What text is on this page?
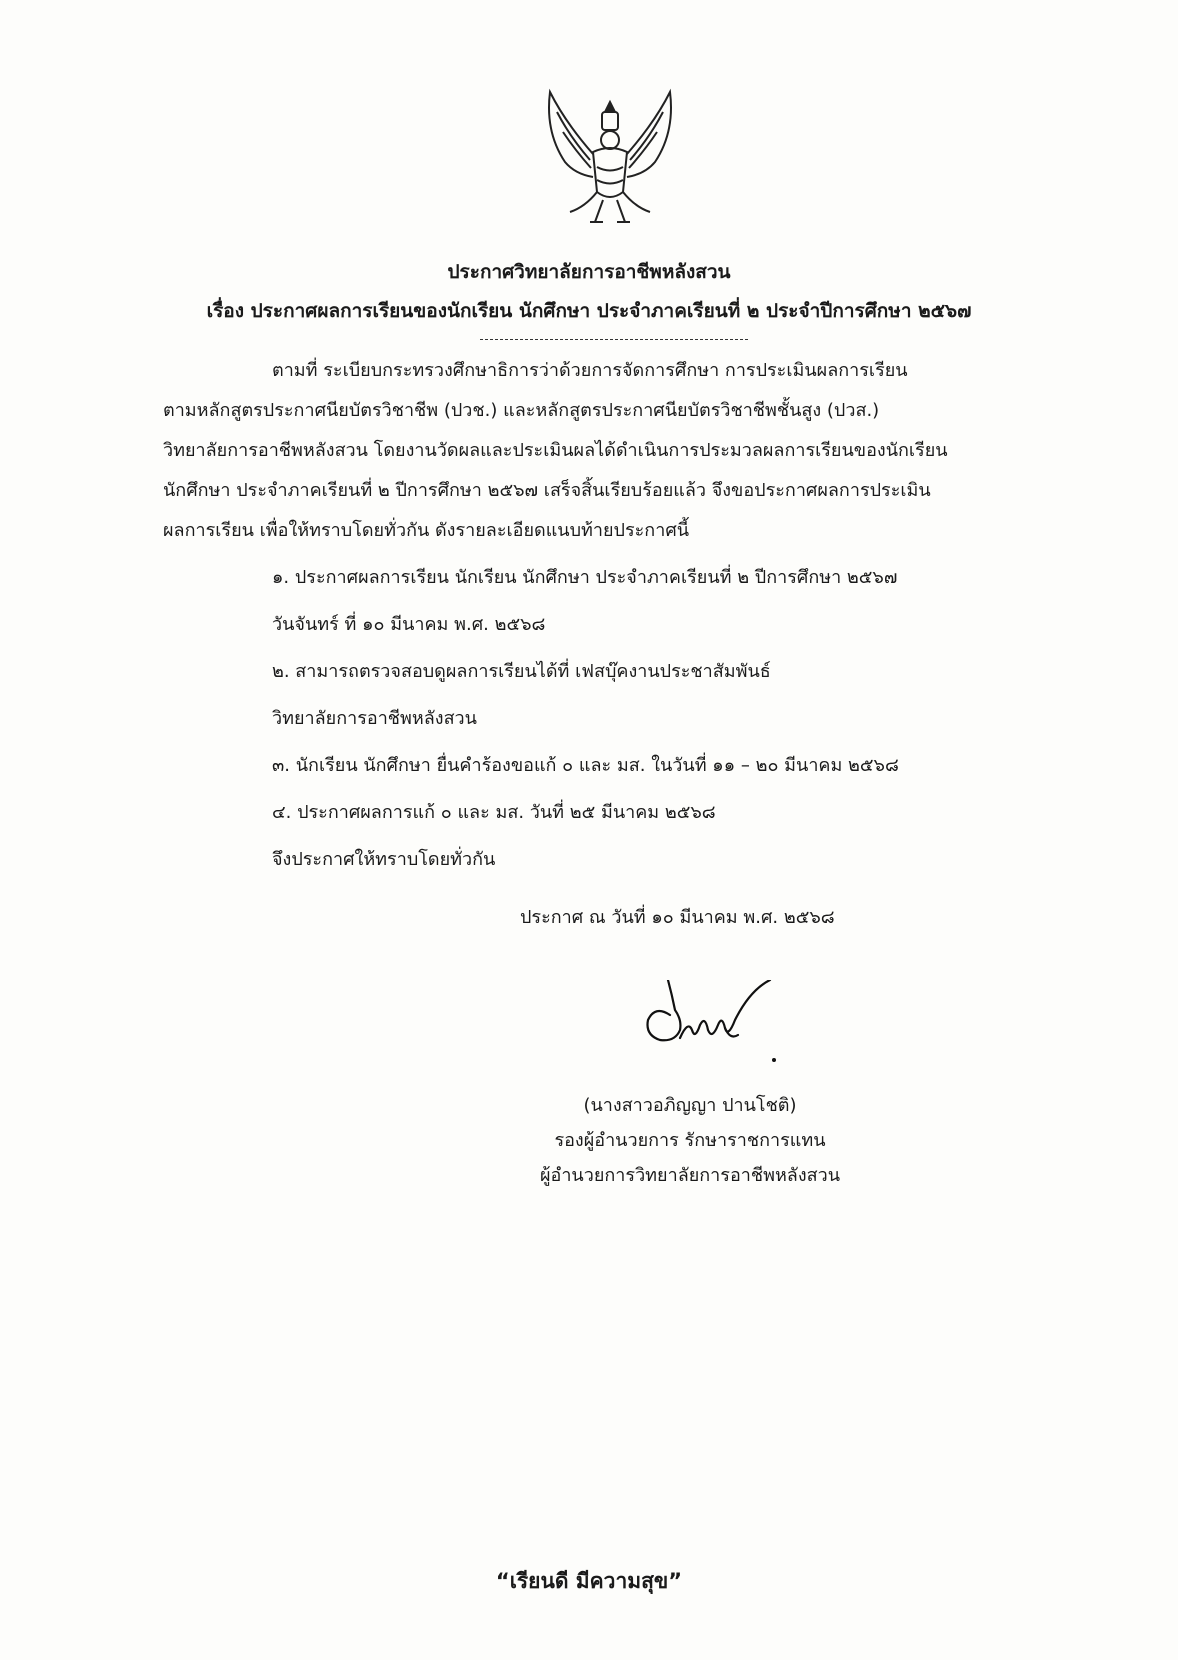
ประกาศวิทยาลัยการอาชีพหลังสวน
เรื่อง ประกาศผลการเรียนของนักเรียน นักศึกษา ประจำภาคเรียนที่ ๒ ประจำปีการศึกษา ๒๕๖๗
ตามที่ ระเบียบกระทรวงศึกษาธิการว่าด้วยการจัดการศึกษา การประเมินผลการเรียน
ตามหลักสูตรประกาศนียบัตรวิชาชีพ (ปวช.) และหลักสูตรประกาศนียบัตรวิชาชีพชั้นสูง (ปวส.)
วิทยาลัยการอาชีพหลังสวน โดยงานวัดผลและประเมินผลได้ดำเนินการประมวลผลการเรียนของนักเรียน
นักศึกษา ประจำภาคเรียนที่ ๒ ปีการศึกษา ๒๕๖๗ เสร็จสิ้นเรียบร้อยแล้ว จึงขอประกาศผลการประเมิน
ผลการเรียน เพื่อให้ทราบโดยทั่วกัน ดังรายละเอียดแนบท้ายประกาศนี้
๑. ประกาศผลการเรียน นักเรียน นักศึกษา ประจำภาคเรียนที่ ๒ ปีการศึกษา ๒๕๖๗
วันจันทร์ ที่ ๑๐ มีนาคม พ.ศ. ๒๕๖๘
๒. สามารถตรวจสอบดูผลการเรียนได้ที่ เฟสบุ๊คงานประชาสัมพันธ์
วิทยาลัยการอาชีพหลังสวน
๓. นักเรียน นักศึกษา ยื่นคำร้องขอแก้ ๐ และ มส. ในวันที่ ๑๑ – ๒๐ มีนาคม ๒๕๖๘
๔. ประกาศผลการแก้ ๐ และ มส. วันที่ ๒๕ มีนาคม ๒๕๖๘
จึงประกาศให้ทราบโดยทั่วกัน
ประกาศ ณ วันที่ ๑๐ มีนาคม พ.ศ. ๒๕๖๘
(นางสาวอภิญญา ปานโชติ)
รองผู้อำนวยการ รักษาราชการแทน
ผู้อำนวยการวิทยาลัยการอาชีพหลังสวน
“เรียนดี มีความสุข”
